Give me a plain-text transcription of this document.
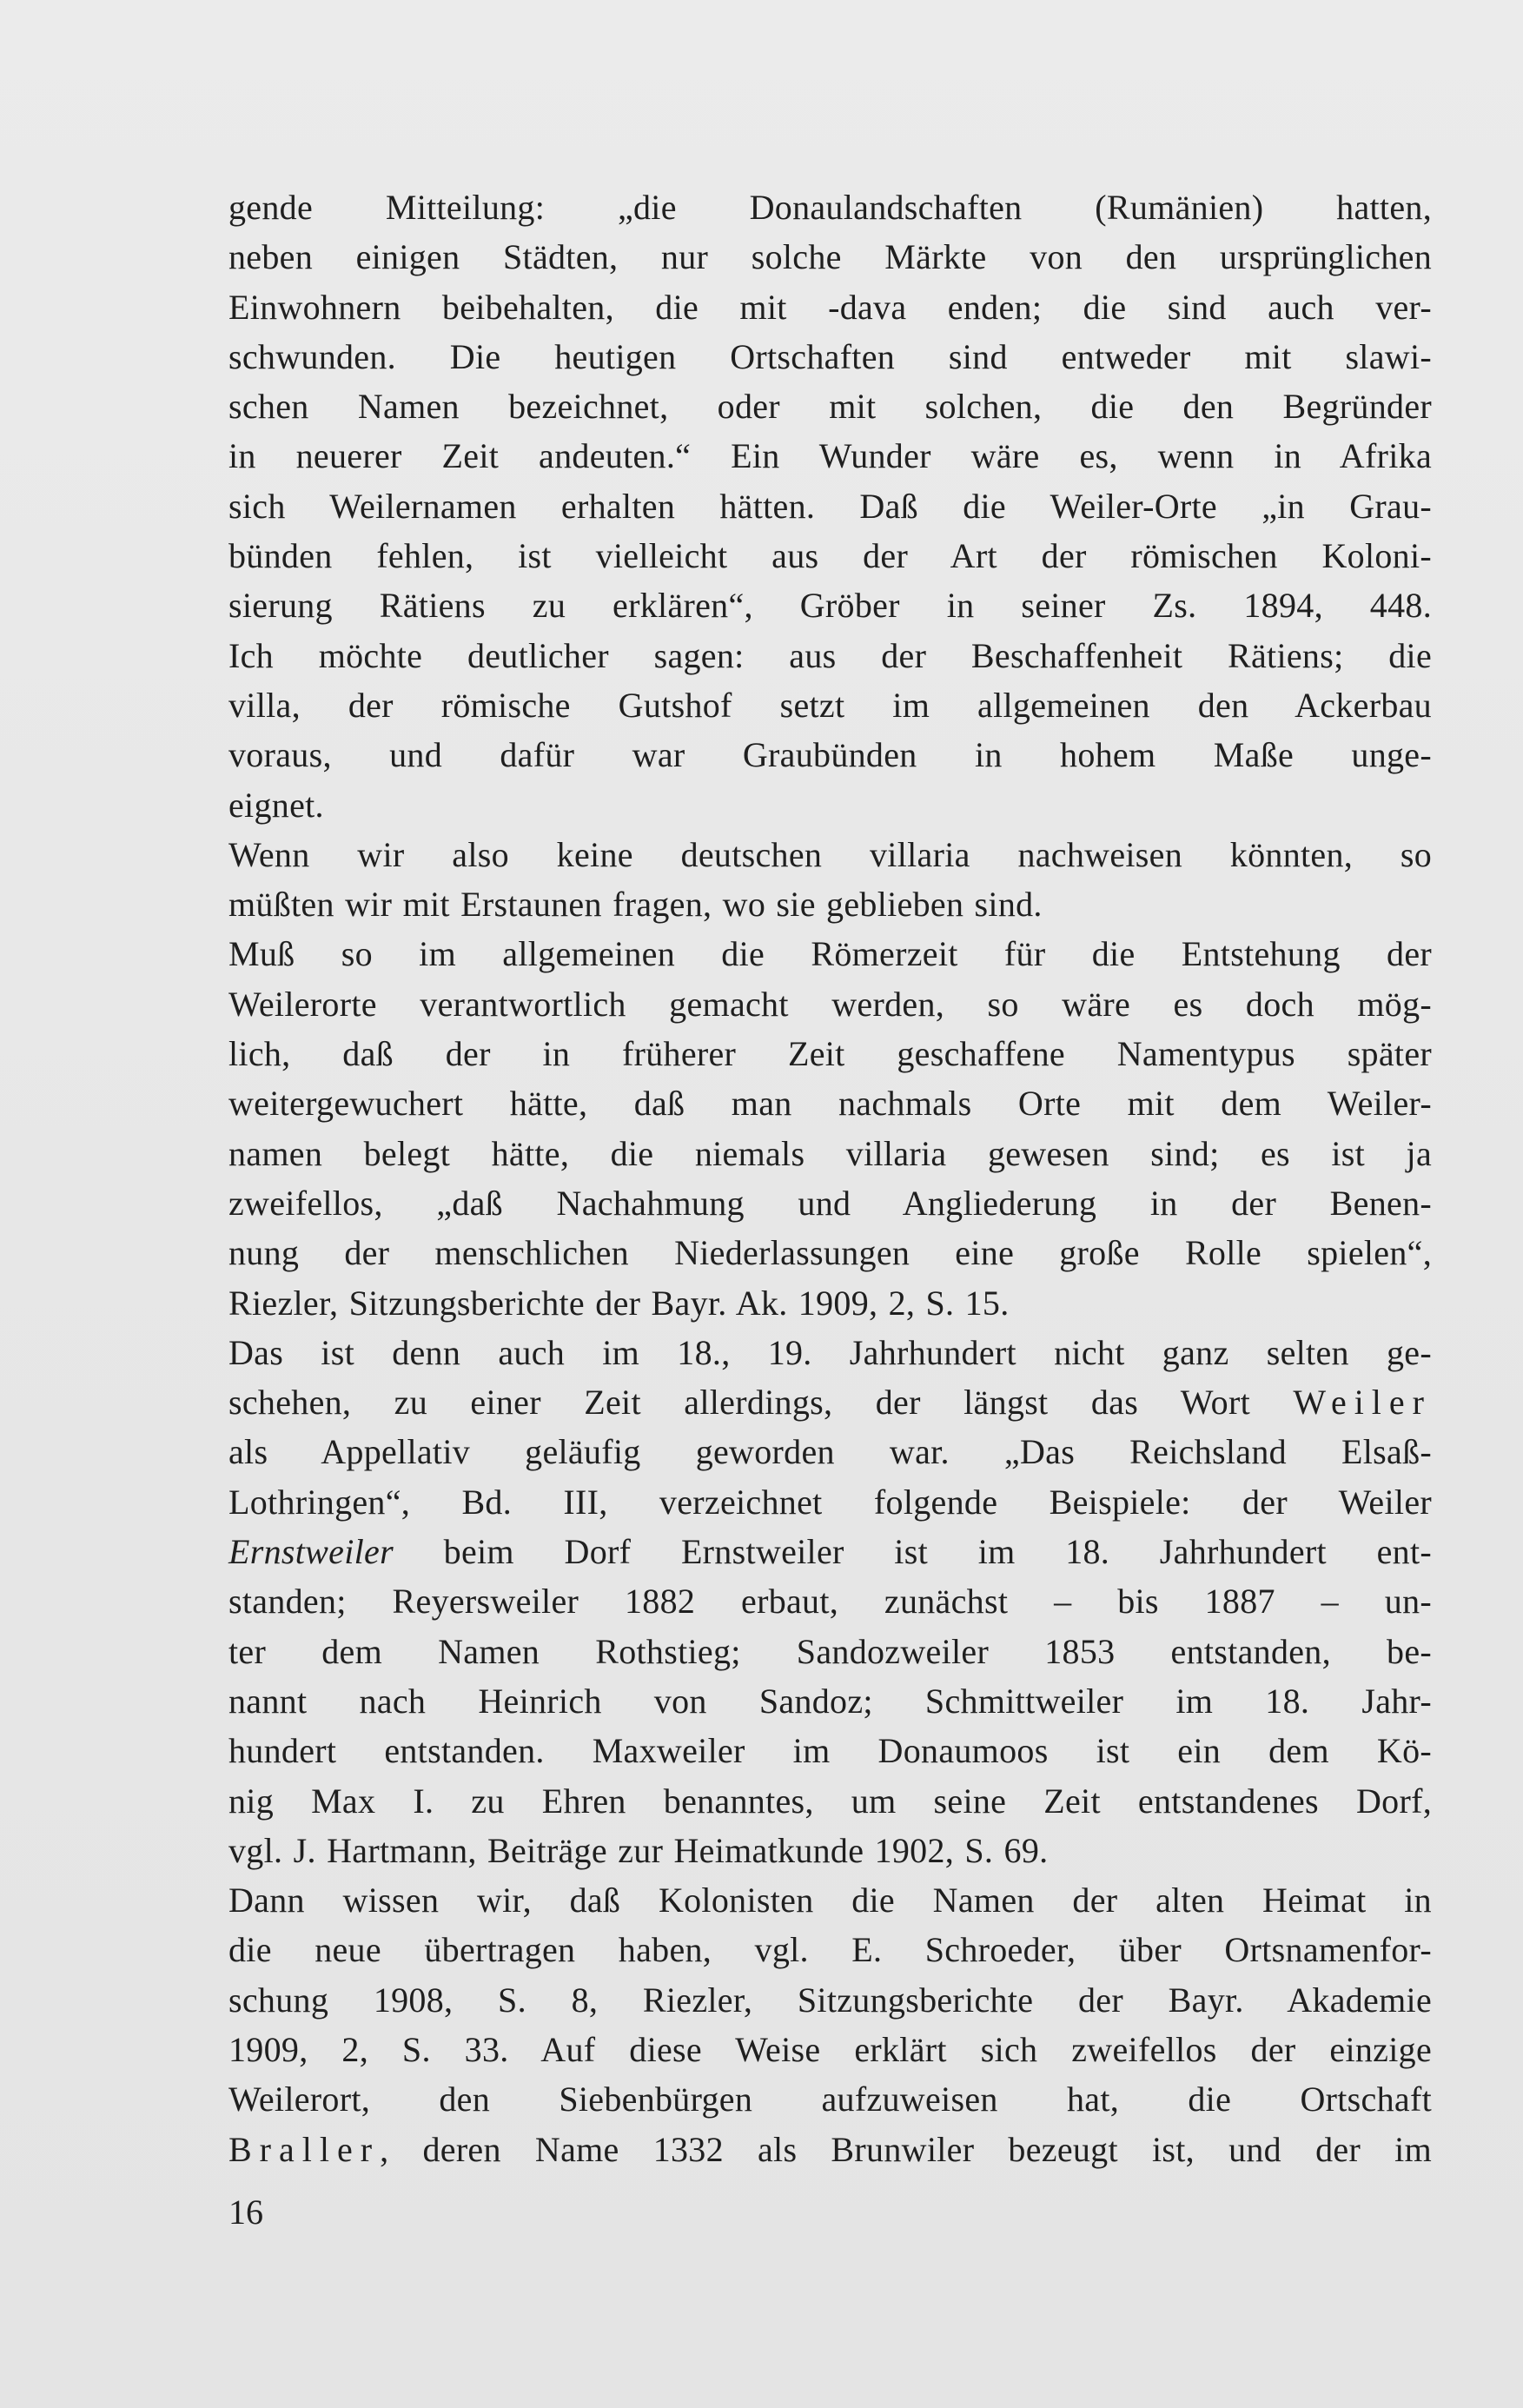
gende Mitteilung: „die Donaulandschaften (Rumänien) hatten,
neben einigen Städten, nur solche Märkte von den ursprünglichen
Einwohnern beibehalten, die mit -dava enden; die sind auch ver-
schwunden. Die heutigen Ortschaften sind entweder mit slawi-
schen Namen bezeichnet, oder mit solchen, die den Begründer
in neuerer Zeit andeuten.“ Ein Wunder wäre es, wenn in Afrika
sich Weilernamen erhalten hätten. Daß die Weiler-Orte „in Grau-
bünden fehlen, ist vielleicht aus der Art der römischen Koloni-
sierung Rätiens zu erklären“, Gröber in seiner Zs. 1894, 448.
Ich möchte deutlicher sagen: aus der Beschaffenheit Rätiens; die
villa, der römische Gutshof setzt im allgemeinen den Ackerbau
voraus, und dafür war Graubünden in hohem Maße unge-
eignet.
Wenn wir also keine deutschen villaria nachweisen könnten, so
müßten wir mit Erstaunen fragen, wo sie geblieben sind.
Muß so im allgemeinen die Römerzeit für die Entstehung der
Weilerorte verantwortlich gemacht werden, so wäre es doch mög-
lich, daß der in früherer Zeit geschaffene Namentypus später
weitergewuchert hätte, daß man nachmals Orte mit dem Weiler-
namen belegt hätte, die niemals villaria gewesen sind; es ist ja
zweifellos, „daß Nachahmung und Angliederung in der Benen-
nung der menschlichen Niederlassungen eine große Rolle spielen“,
Riezler, Sitzungsberichte der Bayr. Ak. 1909, 2, S. 15.
Das ist denn auch im 18., 19. Jahrhundert nicht ganz selten ge-
schehen, zu einer Zeit allerdings, der längst das Wort Weiler
als Appellativ geläufig geworden war. „Das Reichsland Elsaß-
Lothringen“, Bd. III, verzeichnet folgende Beispiele: der Weiler
Ernstweiler beim Dorf Ernstweiler ist im 18. Jahrhundert ent-
standen; Reyersweiler 1882 erbaut, zunächst – bis 1887 – un-
ter dem Namen Rothstieg; Sandozweiler 1853 entstanden, be-
nannt nach Heinrich von Sandoz; Schmittweiler im 18. Jahr-
hundert entstanden. Maxweiler im Donaumoos ist ein dem Kö-
nig Max I. zu Ehren benanntes, um seine Zeit entstandenes Dorf,
vgl. J. Hartmann, Beiträge zur Heimatkunde 1902, S. 69.
Dann wissen wir, daß Kolonisten die Namen der alten Heimat in
die neue übertragen haben, vgl. E. Schroeder, über Ortsnamenfor-
schung 1908, S. 8, Riezler, Sitzungsberichte der Bayr. Akademie
1909, 2, S. 33. Auf diese Weise erklärt sich zweifellos der einzige
Weilerort, den Siebenbürgen aufzuweisen hat, die Ortschaft
Braller, deren Name 1332 als Brunwiler bezeugt ist, und der im
16
